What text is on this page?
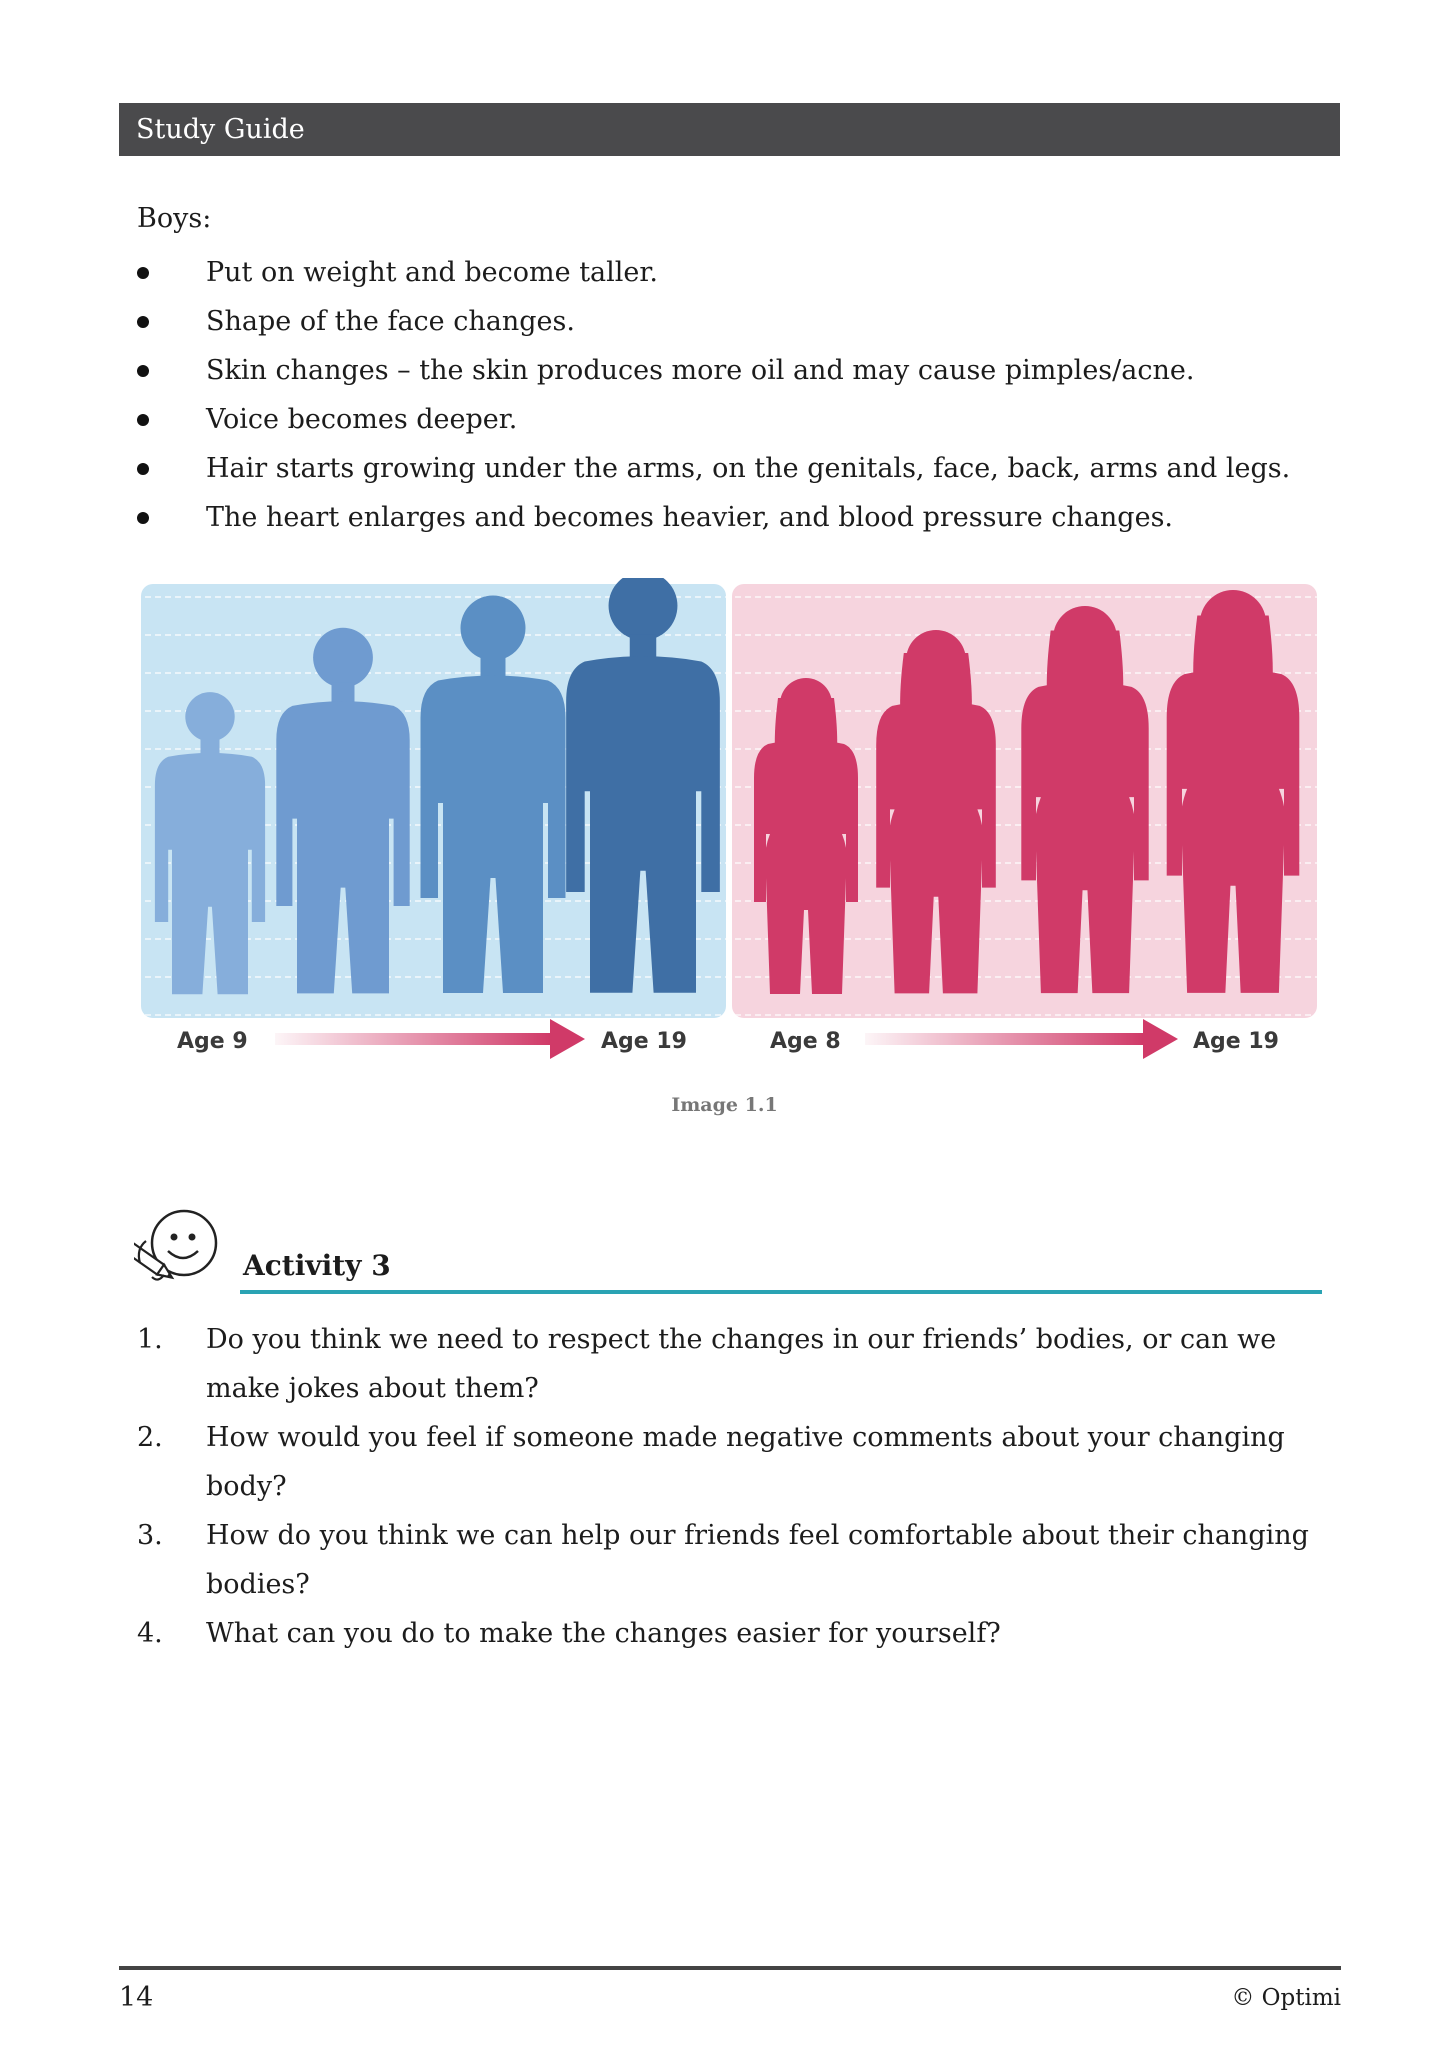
Study Guide
Boys:
Put on weight and become taller.
Shape of the face changes.
Skin changes – the skin produces more oil and may cause pimples/acne.
Voice becomes deeper.
Hair starts growing under the arms, on the genitals, face, back, arms and legs.
The heart enlarges and becomes heavier, and blood pressure changes.
Age 9	Age 19	Age 8	Age 19
Image 1.1
Activity 3
1. Do you think we need to respect the changes in our friends’ bodies, or can we make jokes about them?
2. How would you feel if someone made negative comments about your changing body?
3. How do you think we can help our friends feel comfortable about their changing bodies?
4. What can you do to make the changes easier for yourself?
14	© Optimi
